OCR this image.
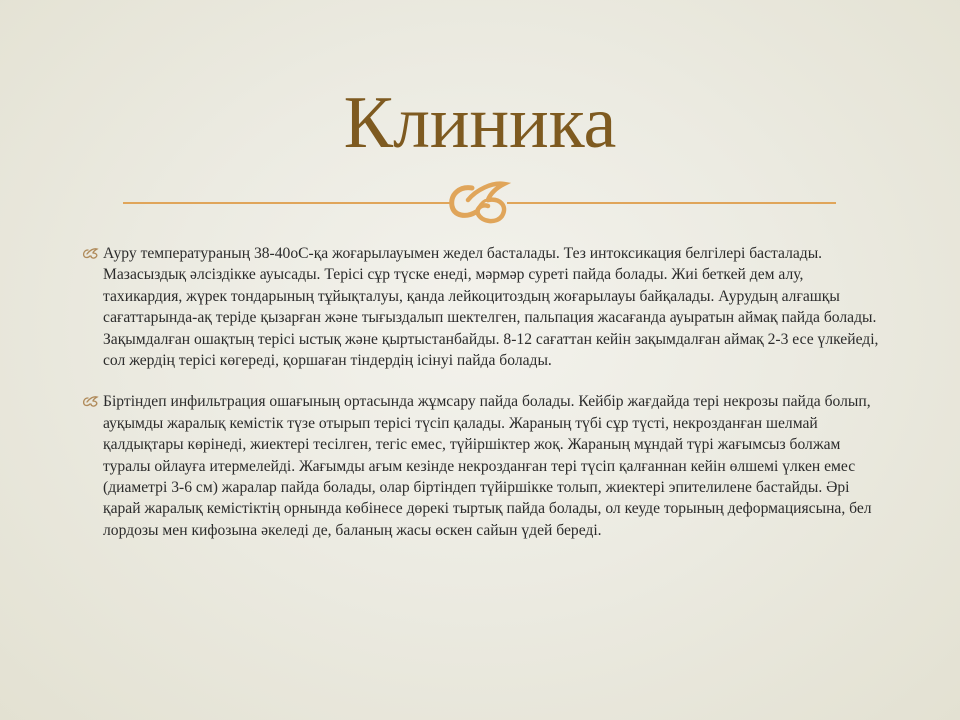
Клиника
Ауру температураның 38-40оС-қа жоғарылауымен жедел басталады. Тез интоксикация белгілері басталады. Мазасыздық әлсіздікке ауысады. Терісі сұр түске енеді, мәрмәр суреті пайда болады. Жиі беткей дем алу, тахикардия, жүрек тондарының тұйықталуы, қанда лейкоцитоздың жоғарылауы байқалады. Аурудың алғашқы сағаттарында-ақ теріде қызарған және тығыздалып шектелген, пальпация жасағанда ауыратын аймақ пайда болады. Зақымдалған ошақтың терісі ыстық және қыртыстанбайды. 8-12 сағаттан кейін зақымдалған аймақ 2-3 есе үлкейеді, сол жердің терісі көгереді, қоршаған тіндердің ісінуі пайда болады.
Біртіндеп инфильтрация ошағының ортасында жұмсару пайда болады. Кейбір жағдайда тері некрозы пайда болып, ауқымды жаралық кемістік түзе отырып терісі түсіп қалады. Жараның түбі сұр түсті, некрозданған шелмай қалдықтары көрінеді, жиектері тесілген, тегіс емес, түйіршіктер жоқ. Жараның мұндай түрі жағымсыз болжам туралы ойлауға итермелейді. Жағымды ағым кезінде некрозданған тері түсіп қалғаннан кейін өлшемі үлкен емес (диаметрі 3-6 см) жаралар пайда болады, олар біртіндеп түйіршікке толып, жиектері эпителилене бастайды. Әрі қарай жаралық кемістіктің орнында көбінесе дөрекі тыртық пайда болады, ол кеуде торының деформациясына, бел лордозы мен кифозына әкеледі де, баланың жасы өскен сайын үдей береді.
